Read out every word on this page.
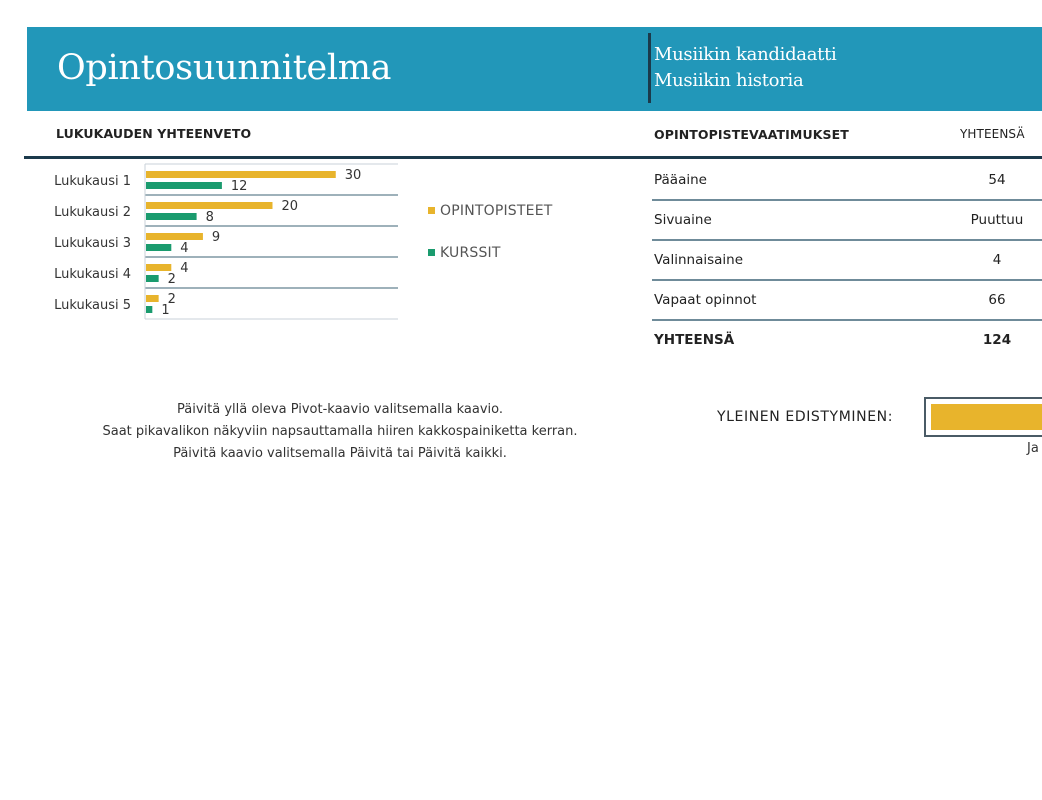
Opintosuunnitelma	Musiikin kandidaatti
Musiikin historia
LUKUKAUDEN YHTEENVETO	OPINTOPISTEVAATIMUKSET	YHTEENSÄ
Lukukausi 1	30
12
Lukukausi 2	20
8
Lukukausi 3	9
4
Lukukausi 4	4
2
Lukukausi 5	2
1
OPINTOPISTEET
KURSSIT
Pääaine	54
Sivuaine	Puuttuu
Valinnaisaine	4
Vapaat opinnot	66
YHTEENSÄ	124
Päivitä yllä oleva Pivot-kaavio valitsemalla kaavio.
Saat pikavalikon näkyviin napsauttamalla hiiren kakkospainiketta kerran.
Päivitä kaavio valitsemalla Päivitä tai Päivitä kaikki.
YLEINEN EDISTYMINEN:
Ja
